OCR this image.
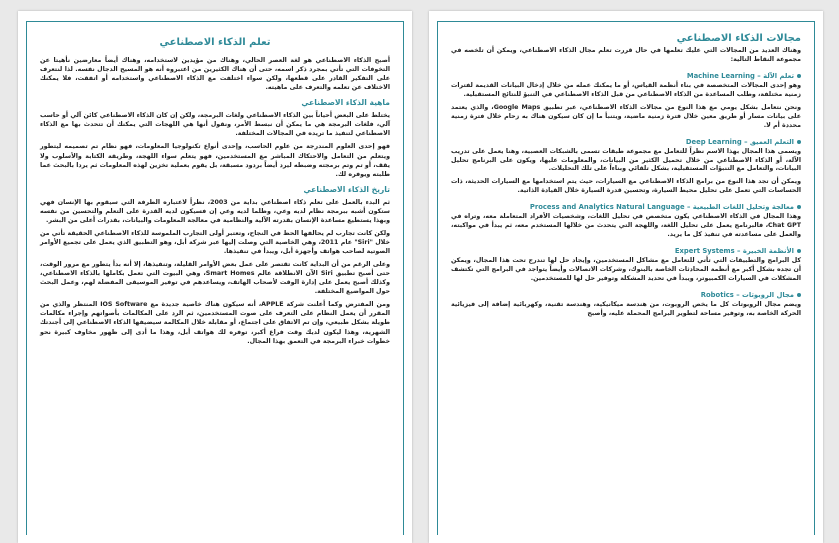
تعلم الذكاء الاصطناعي

أصبح الذكاء الاصطناعي هو لغة العصر الحالي، وهناك من مؤيدين لاستخدامه، وهناك أيضاً معارضين نأهيتا عن التخوفات التي تأتي بمجرد ذكر اسمه، حتى أن هناك الكثيرين من اعتبروه أنه هو المسيح الدجال نفسه. لذا لنتعرف على التفكير القادر على قطعها، ولكن سواء اختلفت مع الذكاء الاصطناعي واستخدامه أو اتفقت، فلا يمكنك الاختلاف عن تعلمه والتعرف على ماهيته.

ماهية الذكاء الاصطناعي

يختلط على البعض أحياناً بين الذكاء الاصطناعي ولغات البرمجة، ولكن إن كان الذكاء الاصطناعي كائن آلي أو حاسب آلي، فلغات البرمجة هي ما يمكن أن نبسط الأمر، ونقول أنها هي اللهجات التي يمكنك أن تتحدث بها مع الذكاء الاصطناعي لتنفيذ ما تريده في المجالات المختلفة.

فهو إحدى العلوم المندرجة من علوم الحاسب، وإحدى أنواع تكنولوجيا المعلومات، فهو نظام تم تصميمه ليتطور ويتعلم من التعامل والاحتكاك المباشر مع المستخدمين، فهو يتعلم سواء اللهجة، وطريقة الكتابة والأسلوب ولا يقف، أو تم وتم برمجته وضبطه ليرد أيضاً بردود مسبقة، بل يقوم بعملية تخزين لهذه المعلومات ثم يردا بالبحث عما طلبته ويوفره لك.

تاريخ الذكاء الاصطناعي

ثم البدء بالعمل على تعلم ذكاء اصطناعي بداية من 2003، نظراً لاعتباره الطرفة التي سيقوم بها الإنسان فهي ستكون أشبه ببرمجة نظام لديه وعي، وظلما لديه وعي إن فسيكون لديه القدرة على التعلم والتحسين من نفسه وبهذا يستطيع مساعدة الإنسان بقدرته الآلية والنظامية في معالجة المعلومات والبيانات، بقدرات أعلى من البشر.

ولكن كانت تجارب لم يحالفها الحظ في النجاح، وتعتبر أولى التجارب الملموسة للذكاء الاصطناعي الحقيقة تأتي من خلال "Siri" عام 2011، وهي الخاصية التي وصلت إليها عبر شركة أبل، وهو التطبيق الذي يعمل على تجميع الأوامر الصوتية لصاحب هواتف وأجهزة أبل، ويبدأ في تنفيذها.

وعلى الرغم من أن البداية كانت تقتصر على عمل بعض الأوامر القليلة، وتنفيذها، إلا أنه بدأ يتطور مع مرور الوقت، حتى أصبح تطبيق Siri الآن الانطلاقة عالم Smart Homes، وهي البيوت التي تعمل بكاملها بالذكاء الاصطناعي، وكذلك أصبح يعمل على إدارة الوقت لأصحاب الهاتف، ويساعدهم في توفير الموسيقى المفضلة لهم، وعمل البحث حول المواضيع المختلفة.

ومن المفترض وكما أعلنت شركة APPLE، أنه سيكون هناك خاصية جديدة مع IOS Software المنتظر والذي من المقرر أن يعمل النظام على التعرف على صوت المستخدمين، ثم الرد على المكالمات بأصواتهم وإجراء مكالمات طويلة بشكل طبيعي، وإن تم الاتفاق على اجتماع، أو مقابلة خلال المكالمة سيضيفها الذكاء الاصطناعي إلى أجندتك الشهرية، وهذا ليكون لديك وقت فراغ أكبر، توفره لك هواتف أبل، وهذا ما أدى إلى ظهور مخاوف كبيرة نحو خطوات خبراء البرمجة في التعمق بهذا المجال.

مجالات الذكاء الاصطناعي

وهناك العديد من المجالات التي عليك تعلمها في حال قررت تعلم مجال الذكاء الاصطناعي، ويمكن أن تلخصه في مجموعة النقاط التالية:

تعلم الآلة – Machine Learning

وهو إحدى المجالات المتخصصة في بناء أنظمة القياس، أو ما يمكنك عمله من خلال إدخال البيانات القديمة لفترات زمنية مختلفة، وطلب المساعدة من الذكاء الاصطناعي من قبل الذكاء الاصطناعي في التنبؤ للنتائج المستقبلية.

ونحن نتعامل بشكل يومي مع هذا النوع من مجالات الذكاء الاصطناعي، عبر تطبيق Google Maps، والذي يعتمد على بيانات مسار أو طريق معين خلال فترة زمنية ماضية، ويتنبأ ما إن كان سيكون هناك به زحام خلال فترة زمنية محددة أم لا.

التعلم العميق – Deep Learning

ويسمى هذا المجال بهذا الاسم نظراً للتعامل مع مجموعة طبقات تسمى بالشبكات العصبية، وهنا يعمل على تدريب الآلة، أو الذكاء الاصطناعي من خلال تحميل الكثير من البيانات، والمعلومات عليها، ويكون على البرنامج تحليل البيانات، والتعامل مع التنبؤات المستقبلية، بشكل تلقائي وبناءاً على تلك التحليلات.

ويمكن أن تجد هذا النوع من برامج الذكاء الاصطناعي مع السيارات، حيث يتم استخدامها مع السيارات الحديثة، ذات الحساسات التي تعمل على تحليل محيط السيارة، وتحسين قدرة السيارة خلال القيادة الذاتية.

معالجة وتحليل اللغات الطبيعية – Process and Analytics Natural Language

وهذا المجال في الذكاء الاصطناعي يكون متخصص في تحليل اللغات، وشخصيات الأفراد المتعاملة معه، وتراه في Chat GPT، فالبرنامج يعمل على تحليل اللغة، واللهجة التي يتحدث من خلالها المستخدم معه، ثم يبدأ في مواكبته، والعمل على مساعدته في تنفيذ كل ما يريد.

الأنظمة الخبيرة – Expert Systems

كل البرامج والتطبيقات التي تأتي للتعامل مع مشاكل المستخدمين، وإيجاد حل لها تندرج تحت هذا المجال، ويمكن أن تجده بشكل أكبر مع أنظمة المحادثات الخاصة بالبنوك، وشركات الاتصالات وأيضاً يتواجد في البرامج التي تكتشف المشكلات في السيارات الكمبيوتر، ويبدأ في تحديد المشكلة وتوفير حل لها للمستخدمين.

مجال الروبوتات – Robotics

ويضم مجال الروبوتات كل ما يخص الروبوت، من هندسة ميكانيكية، وهندسة تقنية، وكهربائية إضافة إلى فيزيائية الحركة الخاصة به، وتوفير مساحة لتطوير البرامج المحملة عليه، وأصبح
